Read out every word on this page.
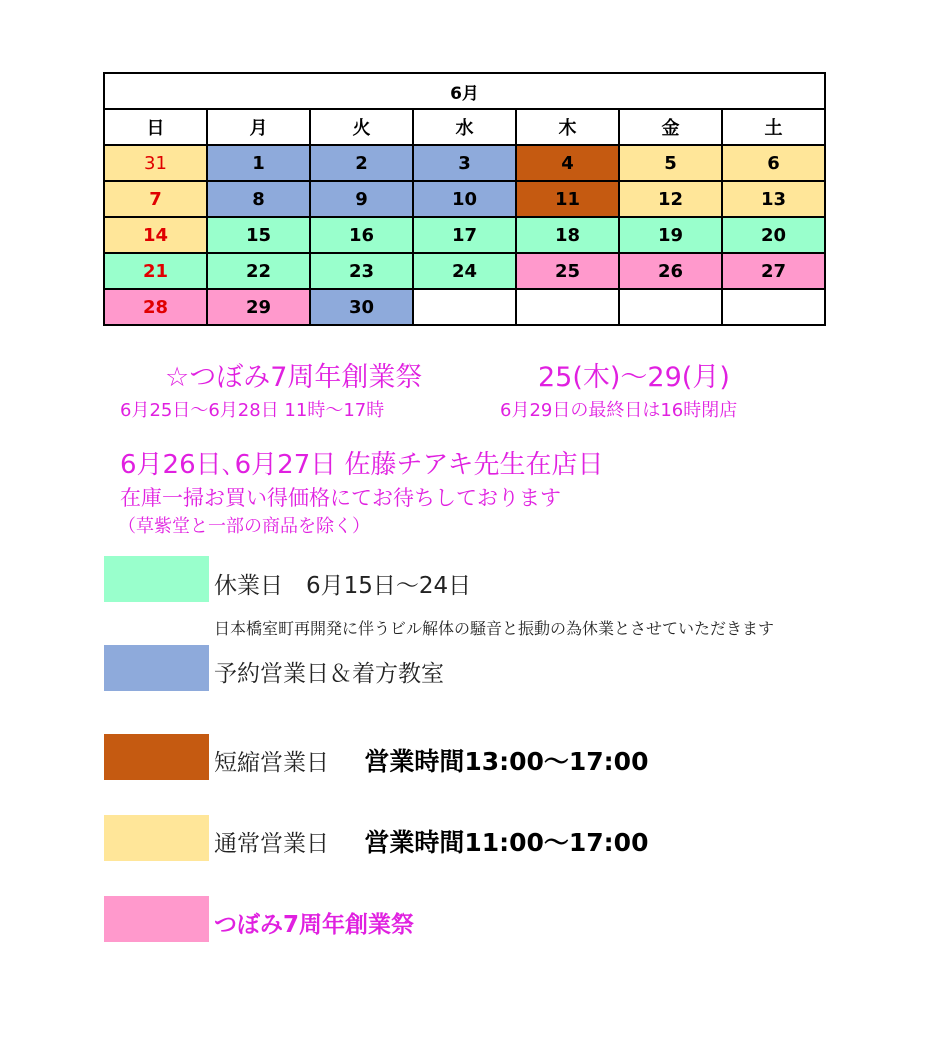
6月						
日	月	火	水	木	金	土
31	1	2	3	4	5	6
7	8	9	10	11	12	13
14	15	16	17	18	19	20
21	22	23	24	25	26	27
28	29	30				
☆つぼみ7周年創業祭	25(木)～29(月)
6月25日～6月28日 11時～17時	6月29日の最終日は16時閉店
6月26日､6月27日 佐藤チアキ先生在店日
在庫一掃お買い得価格にてお待ちしております
（草紫堂と一部の商品を除く）
休業日　6月15日～24日
日本橋室町再開発に伴うビル解体の騒音と振動の為休業とさせていただきます
予約営業日＆着方教室
短縮営業日 営業時間13:00～17:00
通常営業日 営業時間11:00～17:00
つぼみ7周年創業祭
